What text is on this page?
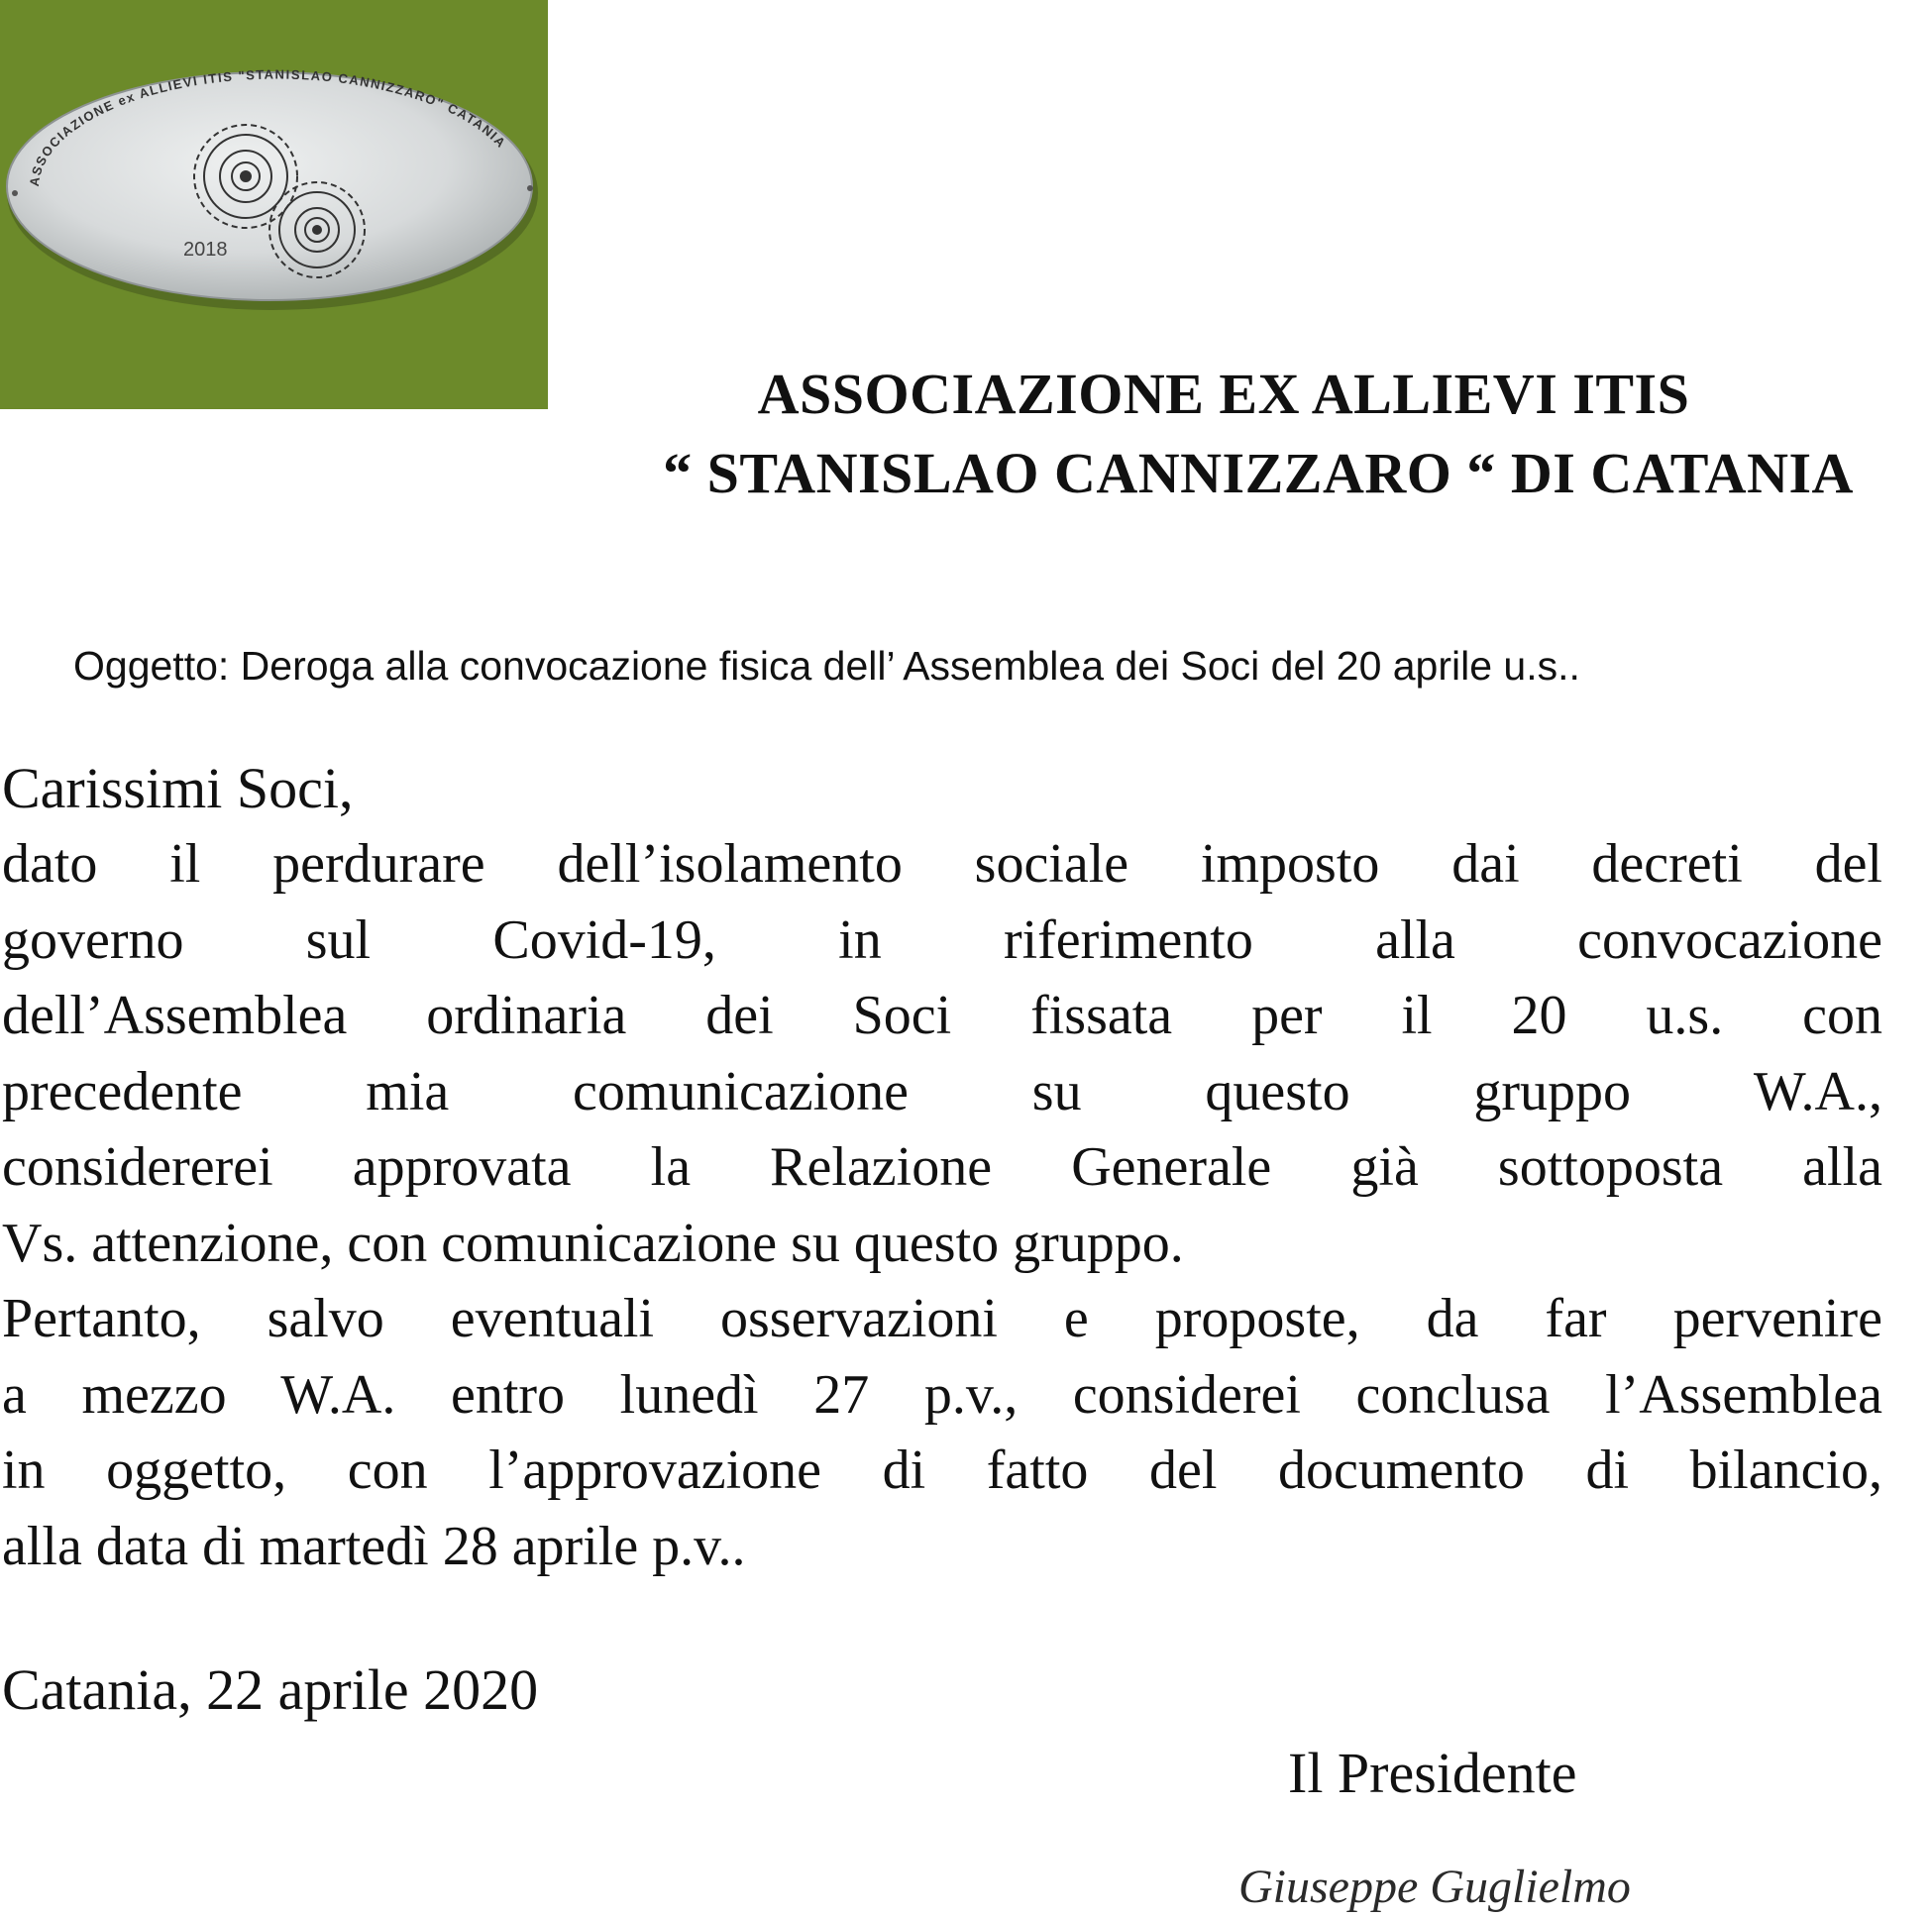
ASSOCIAZIONE ex ALLIEVI ITIS "STANISLAO CANNIZZARO" CATANIA
2018
ASSOCIAZIONE EX ALLIEVI ITIS
“ STANISLAO CANNIZZARO “ DI CATANIA
Oggetto: Deroga alla convocazione fisica dell’ Assemblea dei Soci del 20 aprile u.s..
Carissimi Soci,
dato il perdurare dell’isolamento sociale imposto dai decreti del
governo sul Covid-19, in riferimento alla convocazione
dell’Assemblea ordinaria dei Soci fissata per il 20 u.s. con
precedente mia comunicazione su questo gruppo W.A.,
considererei approvata la Relazione Generale già sottoposta alla
Vs. attenzione, con comunicazione su questo gruppo.
Pertanto, salvo eventuali osservazioni e proposte, da far pervenire
a mezzo W.A. entro lunedì 27 p.v., considerei conclusa l’Assemblea
in oggetto, con l’approvazione di fatto del documento di bilancio,
alla data di martedì 28 aprile p.v..
Catania, 22 aprile 2020
Il Presidente
Giuseppe Guglielmo
